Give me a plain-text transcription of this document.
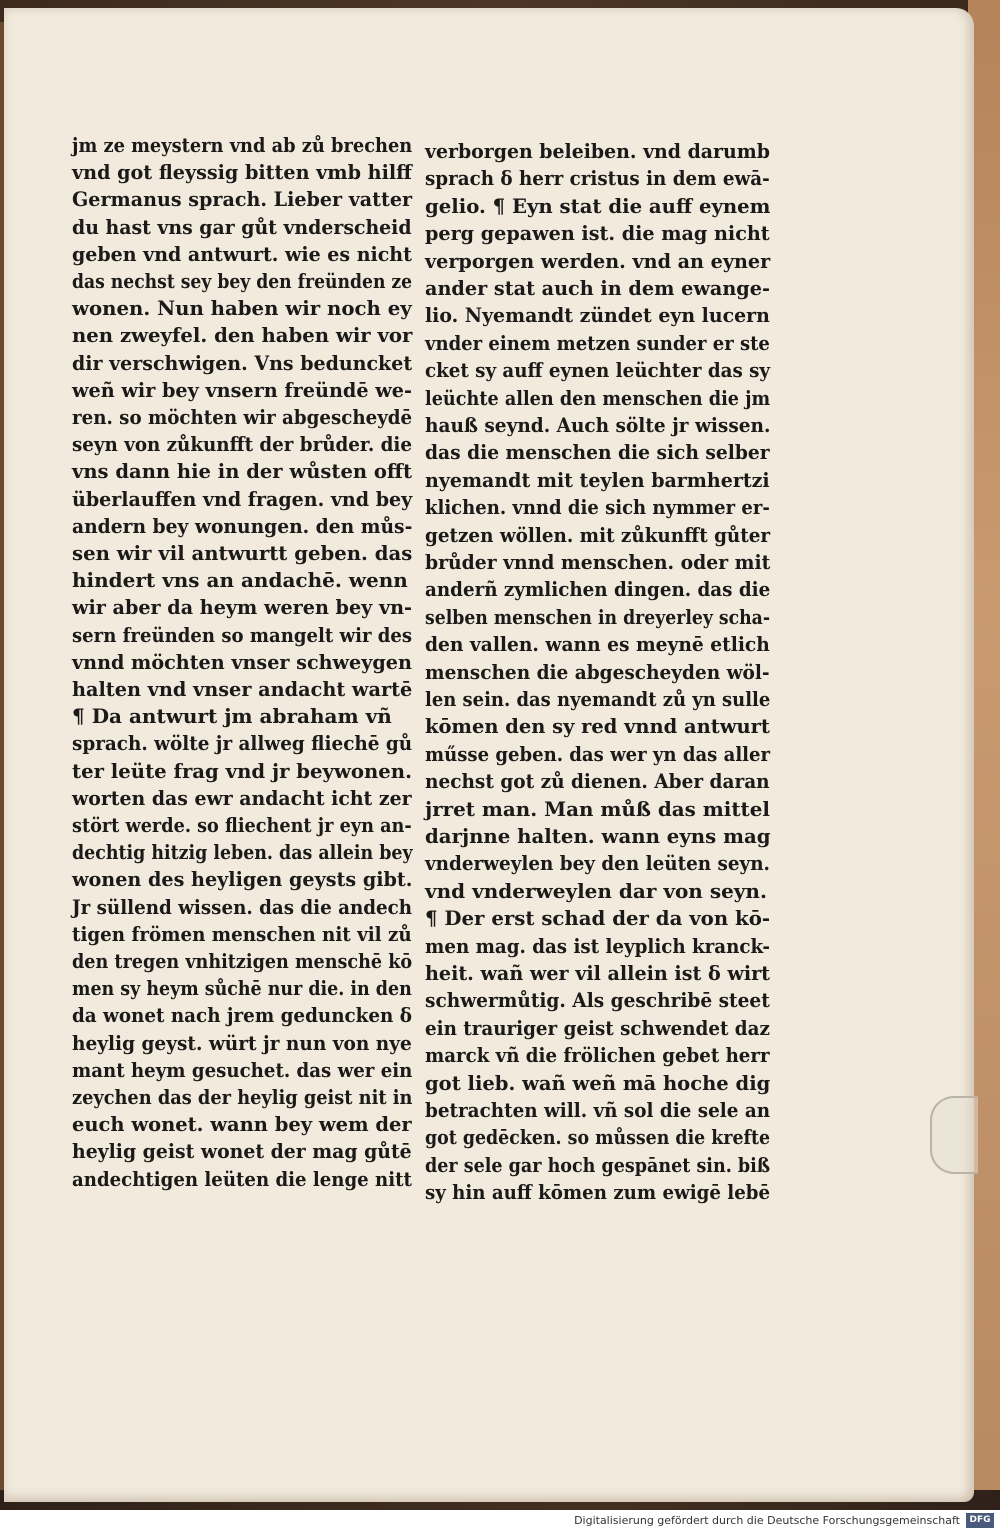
jm ze meystern vnd ab zů brechen
vnd got fleyssig bitten vmb hilff
Germanus sprach. Lieber vatter
du hast vns gar gůt vnderscheid
geben vnd antwurt. wie es nicht
das nechst sey bey den freünden ze
wonen. Nun haben wir noch ey
nen zweyfel. den haben wir vor
dir verschwigen. Vns beduncket
weñ wir bey vnsern freündē we-
ren. so möchten wir abgescheydē
seyn von zůkunfft der brůder. die
vns dann hie in der wůsten offt
überlauffen vnd fragen. vnd bey
andern bey wonungen. den můs-
sen wir vil antwurtt geben. das
hindert vns an andachē. wenn
wir aber da heym weren bey vn-
sern freünden so mangelt wir des
vnnd möchten vnser schweygen
halten vnd vnser andacht wartē
¶ Da antwurt jm abraham vñ
sprach. wölte jr allweg fliechē gů
ter leüte frag vnd jr beywonen.
worten das ewr andacht icht zer
stört werde. so fliechent jr eyn an-
dechtig hitzig leben. das allein bey
wonen des heyligen geysts gibt.
Jr süllend wissen. das die andech
tigen frömen menschen nit vil zů
den tregen vnhitzigen menschē kō
men sy heym sůchē nur die. in den
da wonet nach jrem geduncken ẟ
heylig geyst. würt jr nun von nye
mant heym gesuchet. das wer ein
zeychen das der heylig geist nit in
euch wonet. wann bey wem der
heylig geist wonet der mag gůtē
andechtigen leüten die lenge nitt
verborgen beleiben. vnd darumb
sprach ẟ herr cristus in dem ewā-
gelio. ¶ Eyn stat die auff eynem
perg gepawen ist. die mag nicht
verporgen werden. vnd an eyner
ander stat auch in dem ewange-
lio. Nyemandt zündet eyn lucern
vnder einem metzen sunder er ste
cket sy auff eynen leüchter das sy
leüchte allen den menschen die jm
hauß seynd. Auch sölte jr wissen.
das die menschen die sich selber
nyemandt mit teylen barmhertzi
klichen. vnnd die sich nymmer er-
getzen wöllen. mit zůkunfft gůter
brůder vnnd menschen. oder mit
anderñ zymlichen dingen. das die
selben menschen in dreyerley scha-
den vallen. wann es meynē etlich
menschen die abgescheyden wöl-
len sein. das nyemandt zů yn sulle
kōmen den sy red vnnd antwurt
műsse geben. das wer yn das aller
nechst got zů dienen. Aber daran
jrret man. Man můß das mittel
darjnne halten. wann eyns mag
vnderweylen bey den leüten seyn.
vnd vnderweylen dar von seyn.
¶ Der erst schad der da von kō-
men mag. das ist leyplich kranck-
heit. wañ wer vil allein ist ẟ wirt
schwermůtig. Als geschribē steet
ein trauriger geist schwendet daz
marck vñ die frölichen gebet herr
got lieb. wañ weñ mā hoche dig
betrachten will. vñ sol die sele an
got gedēcken. so můssen die krefte
der sele gar hoch gespānet sin. biß
sy hin auff kōmen zum ewigē lebē
Digitalisierung gefördert durch die Deutsche Forschungsgemeinschaft	DFG
